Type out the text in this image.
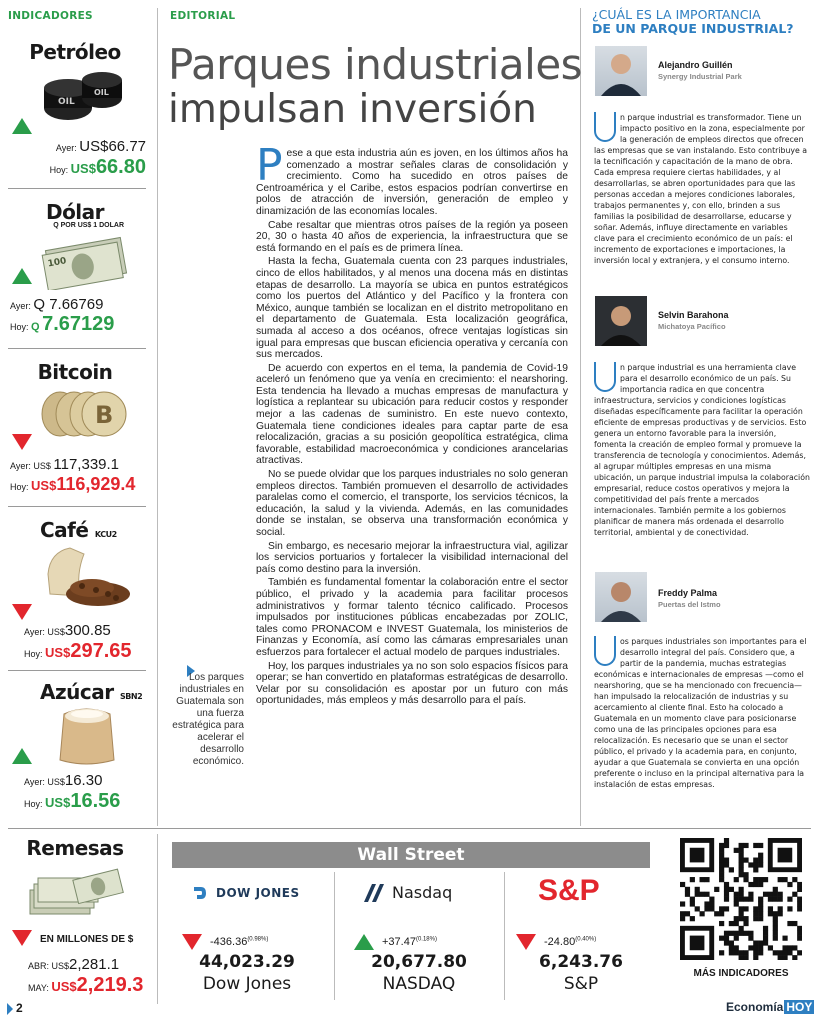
INDICADORES
Petróleo
OIL
OIL
Ayer: US$66.77
Hoy: US$66.80
Dólar
Q POR US$ 1 DOLAR
100
Ayer: Q 7.66769
Hoy: Q 7.67129
Bitcoin
B
Ayer: US$ 117,339.1
Hoy: US$116,929.4
Café KCU2
Ayer: US$300.85
Hoy: US$297.65
Azúcar SBN2
Ayer: US$16.30
Hoy: US$16.56
EDITORIAL
Parques industriales
impulsan inversión

Pese a que esta industria aún es joven, en los últimos años ha comenzado a mostrar señales claras de consolidación y crecimiento. Como ha sucedido en otros países de Centroamérica y el Caribe, estos espacios podrían convertirse en polos de atracción de inversión, generación de empleo y dinamización de las economías locales.

Cabe resaltar que mientras otros países de la región ya poseen 20, 30 o hasta 40 años de experiencia, la infraestructura que se está formando en el país es de primera línea.

Hasta la fecha, Guatemala cuenta con 23 parques industriales, cinco de ellos habilitados, y al menos una docena más en distintas etapas de desarrollo. La mayoría se ubica en puntos estratégicos como los puertos del Atlántico y del Pacífico y la frontera con México, aunque también se localizan en el distrito metropolitano en el departamento de Guatemala. Esta localización geográfica, sumada al acceso a dos océanos, ofrece ventajas logísticas sin igual para empresas que buscan eficiencia operativa y cercanía con sus mercados.

De acuerdo con expertos en el tema, la pandemia de Covid-19 aceleró un fenómeno que ya venía en crecimiento: el nearshoring. Esta tendencia ha llevado a muchas empresas de manufactura y logística a replantear su ubicación para reducir costos y responder mejor a las cadenas de suministro. En este nuevo contexto, Guatemala tiene condiciones ideales para captar parte de esa relocalización, gracias a su posición geopolítica estratégica, clima favorable, estabilidad macroeconómica y condiciones arancelarias atractivas.

No se puede olvidar que los parques industriales no solo generan empleos directos. También promueven el desarrollo de actividades paralelas como el comercio, el transporte, los servicios técnicos, la educación, la salud y la vivienda. Además, en las comunidades donde se instalan, se observa una transformación económica y social.

Sin embargo, es necesario mejorar la infraestructura vial, agilizar los servicios portuarios y fortalecer la visibilidad internacional del país como destino para la inversión.

También es fundamental fomentar la colaboración entre el sector público, el privado y la academia para facilitar procesos administrativos y formar talento técnico calificado. Procesos impulsados por instituciones públicas encabezadas por ZOLIC, tales como PRONACOM e INVEST Guatemala, los ministerios de Finanzas y Economía, así como las cámaras empresariales unan esfuerzos para fortalecer el actual modelo de parques industriales.

Hoy, los parques industriales ya no son solo espacios físicos para operar; se han convertido en plataformas estratégicas de desarrollo. Velar por su consolidación es apostar por un futuro con más oportunidades, más empleos y más desarrollo para el país.

Los parques industriales en Guatemala son una fuerza estratégica para acelerar el desarrollo económico.
¿CUÁL ES LA IMPORTANCIA
DE UN PARQUE INDUSTRIAL?
Alejandro Guillén
Synergy Industrial Park
n parque industrial es transformador. Tiene un impacto positivo en la zona, especialmente por la generación de empleos directos que ofrecen las empresas que se van instalando. Esto contribuye a la tecnificación y capacitación de la mano de obra. Cada empresa requiere ciertas habilidades, y al desarrollarlas, se abren oportunidades para que las personas accedan a mejores condiciones laborales, trabajos permanentes y, con ello, brinden a sus familias la posibilidad de desarrollarse, educarse y soñar. Además, influye directamente en variables clave para el crecimiento económico de un país: el incremento de exportaciones e importaciones, la inversión local y extranjera, y el consumo interno.
Selvin Barahona
Michatoya Pacífico
n parque industrial es una herramienta clave para el desarrollo económico de un país. Su importancia radica en que concentra infraestructura, servicios y condiciones logísticas diseñadas específicamente para facilitar la operación eficiente de empresas productivas y de servicios. Esto genera un entorno favorable para la inversión, fomenta la creación de empleo formal y promueve la transferencia de tecnología y conocimientos. Además, al agrupar múltiples empresas en una misma ubicación, un parque industrial impulsa la colaboración empresarial, reduce costos operativos y mejora la competitividad del país frente a mercados internacionales. También permite a los gobiernos planificar de manera más ordenada el desarrollo territorial, ambiental y de conectividad.
Freddy Palma
Puertas del Istmo
os parques industriales son importantes para el desarrollo integral del país. Considero que, a partir de la pandemia, muchas estrategias económicas e internacionales de empresas —como el nearshoring, que se ha mencionado con frecuencia— han impulsado la relocalización de industrias y su acercamiento al cliente final. Esto ha colocado a Guatemala en un momento clave para posicionarse como una de las principales opciones para esa relocalización. Es necesario que se unan el sector público, el privado y la academia para, en conjunto, ayudar a que Guatemala se convierta en una opción preferente o incluso en la principal alternativa para la instalación de estas empresas.
Remesas
EN MILLONES DE $
ABR: US$2,281.1
MAY: US$2,219.3
Wall Street
DOW JONES
$-436.36^{(0.98\%)}$
44,023.29
Dow Jones
Nasdaq
$+37.47^{(0.18\%)}$
20,677.80
NASDAQ
S&P
$-24.80^{(0.40\%)}$
6,243.76
S&P
MÁS INDICADORES
2	Economía HOY
